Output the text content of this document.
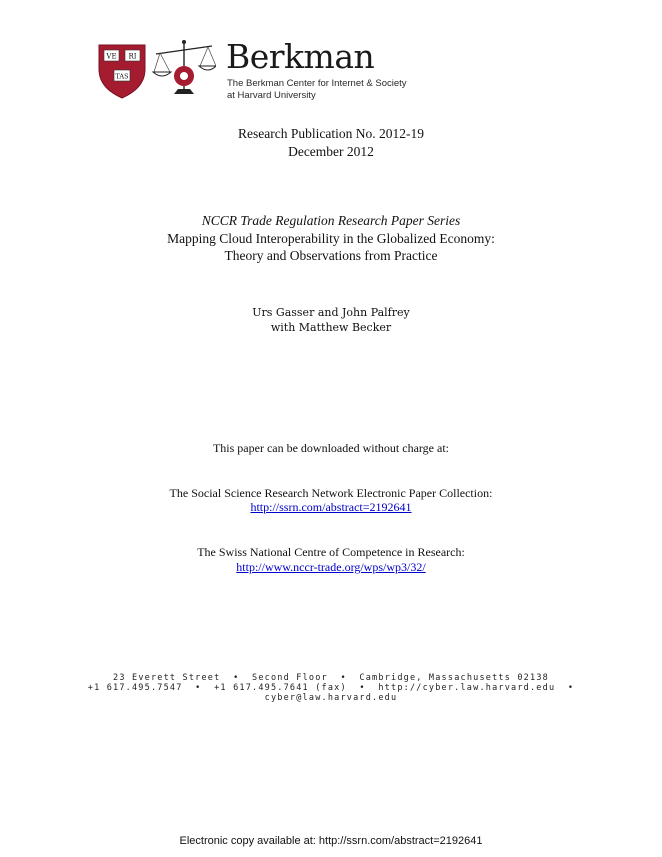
VE RI
TAS
Berkman
The Berkman Center for Internet & Society
at Harvard University
Research Publication No. 2012-19
December 2012
NCCR Trade Regulation Research Paper Series
Mapping Cloud Interoperability in the Globalized Economy:
Theory and Observations from Practice
Urs Gasser and John Palfrey
with Matthew Becker
This paper can be downloaded without charge at:
The Social Science Research Network Electronic Paper Collection:
http://ssrn.com/abstract=2192641
The Swiss National Centre of Competence in Research:
http://www.nccr-trade.org/wps/wp3/32/
23 Everett Street  •  Second Floor  •  Cambridge, Massachusetts 02138
+1 617.495.7547  •  +1 617.495.7641 (fax)  •  http://cyber.law.harvard.edu  •
cyber@law.harvard.edu
Electronic copy available at: http://ssrn.com/abstract=2192641
